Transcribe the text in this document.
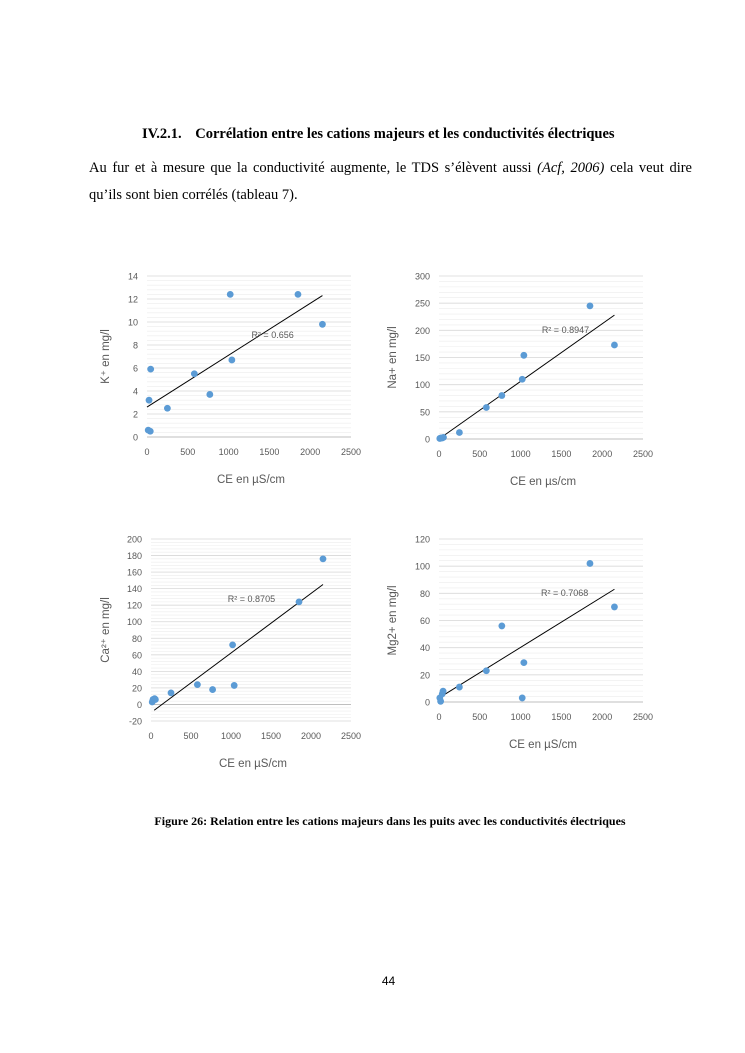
IV.2.1. Corrélation entre les cations majeurs et les conductivités électriques
Au fur et à mesure que la conductivité augmente, le TDS s’élèvent aussi (Acf, 2006) cela veut dire
qu’ils sont bien corrélés (tableau 7).
0
2
4
6
8
10
12
14
0	500	1000 1500 2000 2500
CE en µS/cm
K⁺ en mg/l	R² = 0.656
0
50
100
150
200
250
300
0	500	1000 1500 2000 2500
CE en µs/cm
Na+ en mg/l	R² = 0.8947
-20
0
20
40
60
80
100
120
140
160
180
200
0	500 1000 1500 2000 2500
CE en µS/cm
Ca²⁺ en mg/l	R² = 0.8705
0
20
40
60
80
100
120
0	500	1000 1500 2000 2500
CE en µS/cm
Mg2+ en mg/l	R² = 0.7068
Figure 26: Relation entre les cations majeurs dans les puits avec les conductivités électriques
44
